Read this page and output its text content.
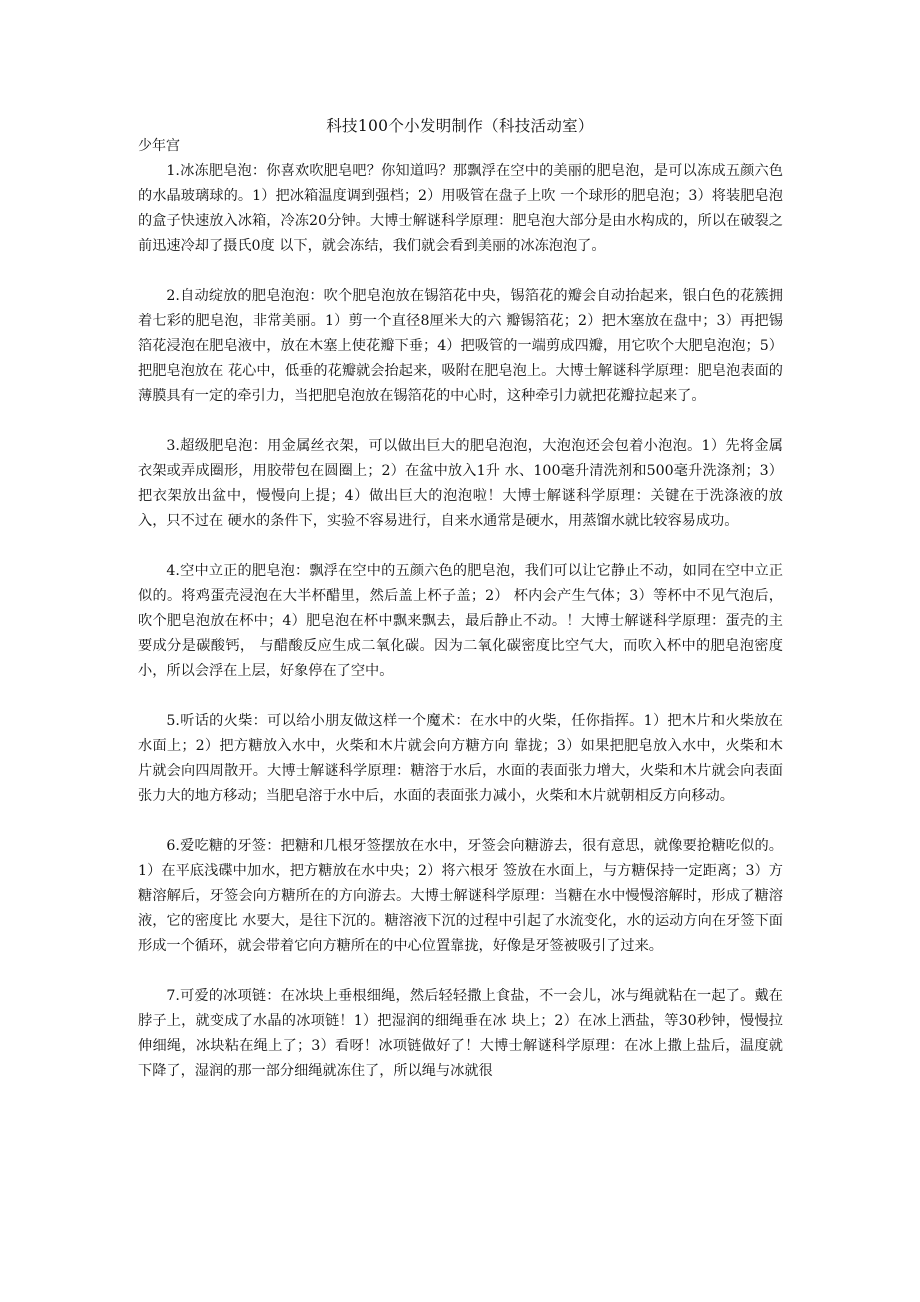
科技100个小发明制作（科技活动室）
少年宫

1.冰冻肥皂泡：你喜欢吹肥皂吧？你知道吗？那飘浮在空中的美丽的肥皂泡，是可以冻成五颜六色的水晶玻璃球的。1）把冰箱温度调到强档；2）用吸管在盘子上吹 一个球形的肥皂泡；3）将装肥皂泡的盒子快速放入冰箱，冷冻20分钟。大博士解谜科学原理：肥皂泡大部分是由水构成的，所以在破裂之前迅速冷却了摄氏0度 以下，就会冻结，我们就会看到美丽的冰冻泡泡了。

2.自动绽放的肥皂泡泡：吹个肥皂泡放在锡箔花中央，锡箔花的瓣会自动抬起来，银白色的花簇拥着七彩的肥皂泡，非常美丽。1）剪一个直径8厘米大的六 瓣锡箔花；2）把木塞放在盘中；3）再把锡箔花浸泡在肥皂液中，放在木塞上使花瓣下垂；4）把吸管的一端剪成四瓣，用它吹个大肥皂泡泡；5）把肥皂泡放在 花心中，低垂的花瓣就会抬起来，吸附在肥皂泡上。大博士解谜科学原理：肥皂泡表面的薄膜具有一定的牵引力，当把肥皂泡放在锡箔花的中心时，这种牵引力就把花瓣拉起来了。

3.超级肥皂泡：用金属丝衣架，可以做出巨大的肥皂泡泡，大泡泡还会包着小泡泡。1）先将金属衣架或弄成圈形，用胶带包在圆圈上；2）在盆中放入1升 水、100毫升清洗剂和500毫升洗涤剂；3）把衣架放出盆中，慢慢向上提；4）做出巨大的泡泡啦！大博士解谜科学原理：关键在于洗涤液的放入，只不过在 硬水的条件下，实验不容易进行，自来水通常是硬水，用蒸馏水就比较容易成功。

4.空中立正的肥皂泡：飘浮在空中的五颜六色的肥皂泡，我们可以让它静止不动，如同在空中立正似的。将鸡蛋壳浸泡在大半杯醋里，然后盖上杯子盖；2） 杯内会产生气体；3）等杯中不见气泡后，吹个肥皂泡放在杯中；4）肥皂泡在杯中飘来飘去，最后静止不动。！大博士解谜科学原理：蛋壳的主要成分是碳酸钙， 与醋酸反应生成二氧化碳。因为二氧化碳密度比空气大，而吹入杯中的肥皂泡密度小，所以会浮在上层，好象停在了空中。

5.听话的火柴：可以给小朋友做这样一个魔术：在水中的火柴，任你指挥。1）把木片和火柴放在水面上；2）把方糖放入水中，火柴和木片就会向方糖方向 靠拢；3）如果把肥皂放入水中，火柴和木片就会向四周散开。大博士解谜科学原理：糖溶于水后，水面的表面张力增大，火柴和木片就会向表面张力大的地方移动；当肥皂溶于水中后，水面的表面张力减小，火柴和木片就朝相反方向移动。

6.爱吃糖的牙签：把糖和几根牙签摆放在水中，牙签会向糖游去，很有意思，就像要抢糖吃似的。1）在平底浅碟中加水，把方糖放在水中央；2）将六根牙 签放在水面上，与方糖保持一定距离；3）方糖溶解后，牙签会向方糖所在的方向游去。大博士解谜科学原理：当糖在水中慢慢溶解时，形成了糖溶液，它的密度比 水要大，是往下沉的。糖溶液下沉的过程中引起了水流变化，水的运动方向在牙签下面形成一个循环，就会带着它向方糖所在的中心位置靠拢，好像是牙签被吸引了过来。

7.可爱的冰项链：在冰块上垂根细绳，然后轻轻撒上食盐，不一会儿，冰与绳就粘在一起了。戴在脖子上，就变成了水晶的冰项链！1）把湿润的细绳垂在冰 块上；2）在冰上洒盐，等30秒钟，慢慢拉伸细绳，冰块粘在绳上了；3）看呀！冰项链做好了！大博士解谜科学原理：在冰上撒上盐后，温度就下降了，湿润的那一部分细绳就冻住了，所以绳与冰就很
